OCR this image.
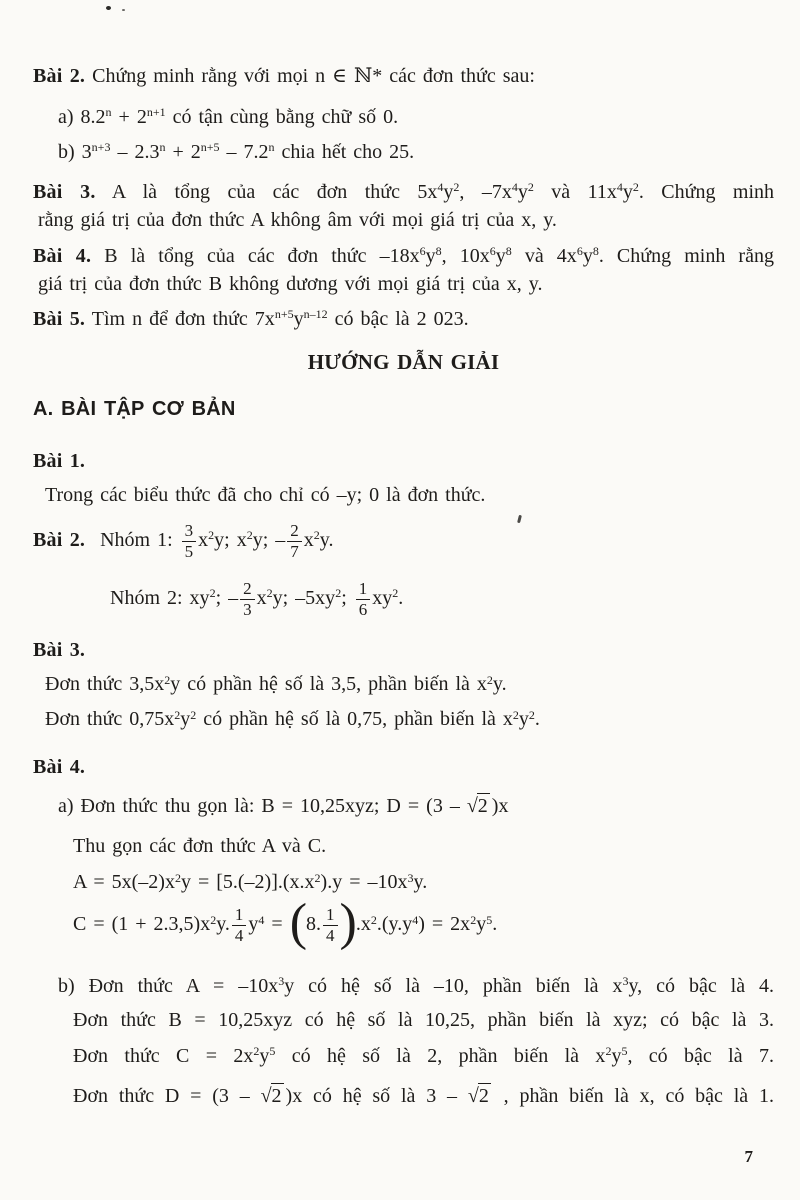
Bài 2. Chứng minh rằng với mọi n ∈ ℕ* các đơn thức sau:
a) $8.2^n + 2^{n+1}$ có tận cùng bằng chữ số 0.
b) $3^{n+3} - 2.3^n + 2^{n+5} - 7.2^n$ chia hết cho 25.
Bài 3. A là tổng của các đơn thức $5x^4y^2$, $-7x^4y^2$ và $11x^4y^2$. Chứng minh
rằng giá trị của đơn thức A không âm với mọi giá trị của x, y.
Bài 4. B là tổng của các đơn thức $-18x^6y^8$, $10x^6y^8$ và $4x^6y^8$. Chứng minh rằng
giá trị của đơn thức B không dương với mọi giá trị của x, y.
Bài 5. Tìm n để đơn thức $7x^{n+5}y^{n-12}$ có bậc là 2 023.
HƯỚNG DẪN GIẢI
A. BÀI TẬP CƠ BẢN
Bài 1.
Trong các biểu thức đã cho chỉ có –y; 0 là đơn thức.
Bài 2. Nhóm 1: $\frac{3}{5} x^2y$; $x^2y$; – $\frac{2}{7} x^2y$.
Nhóm 2: $xy^2$; – $\frac{2}{3} x^2y$; $-5xy^2$; $\frac{1}{6} xy^2$.
Bài 3.
Đơn thức $3,5x^2y$ có phần hệ số là 3,5, phần biến là $x^2y$.
Đơn thức $0,75x^2y^2$ có phần hệ số là 0,75, phần biến là $x^2y^2$.
Bài 4.
a) Đơn thức thu gọn là: B = 10,25xyz; D = (3 – √2 )x
Thu gọn các đơn thức A và C.
$A = 5x(-2)x^2y = [5.(-2)].(x.x^2).y = -10x^3y$.
$C = (1 + 2.3,5)x^2y$. $\frac{1}{4} y^4 = (8$. $\frac{1}{4} ).x^2.(y.y^4) = 2x^2y^5$.
b) Đơn thức $A = -10x^3y$ có hệ số là –10, phần biến là $x^3y$, có bậc là 4.
Đơn thức B = 10,25xyz có hệ số là 10,25, phần biến là xyz; có bậc là 3.
Đơn thức $C = 2x^2y^5$ có hệ số là 2, phần biến là $x^2y^5$, có bậc là 7.
Đơn thức D = (3 – √2 )x có hệ số là 3 – √2 , phần biến là x, có bậc là 1.
7
